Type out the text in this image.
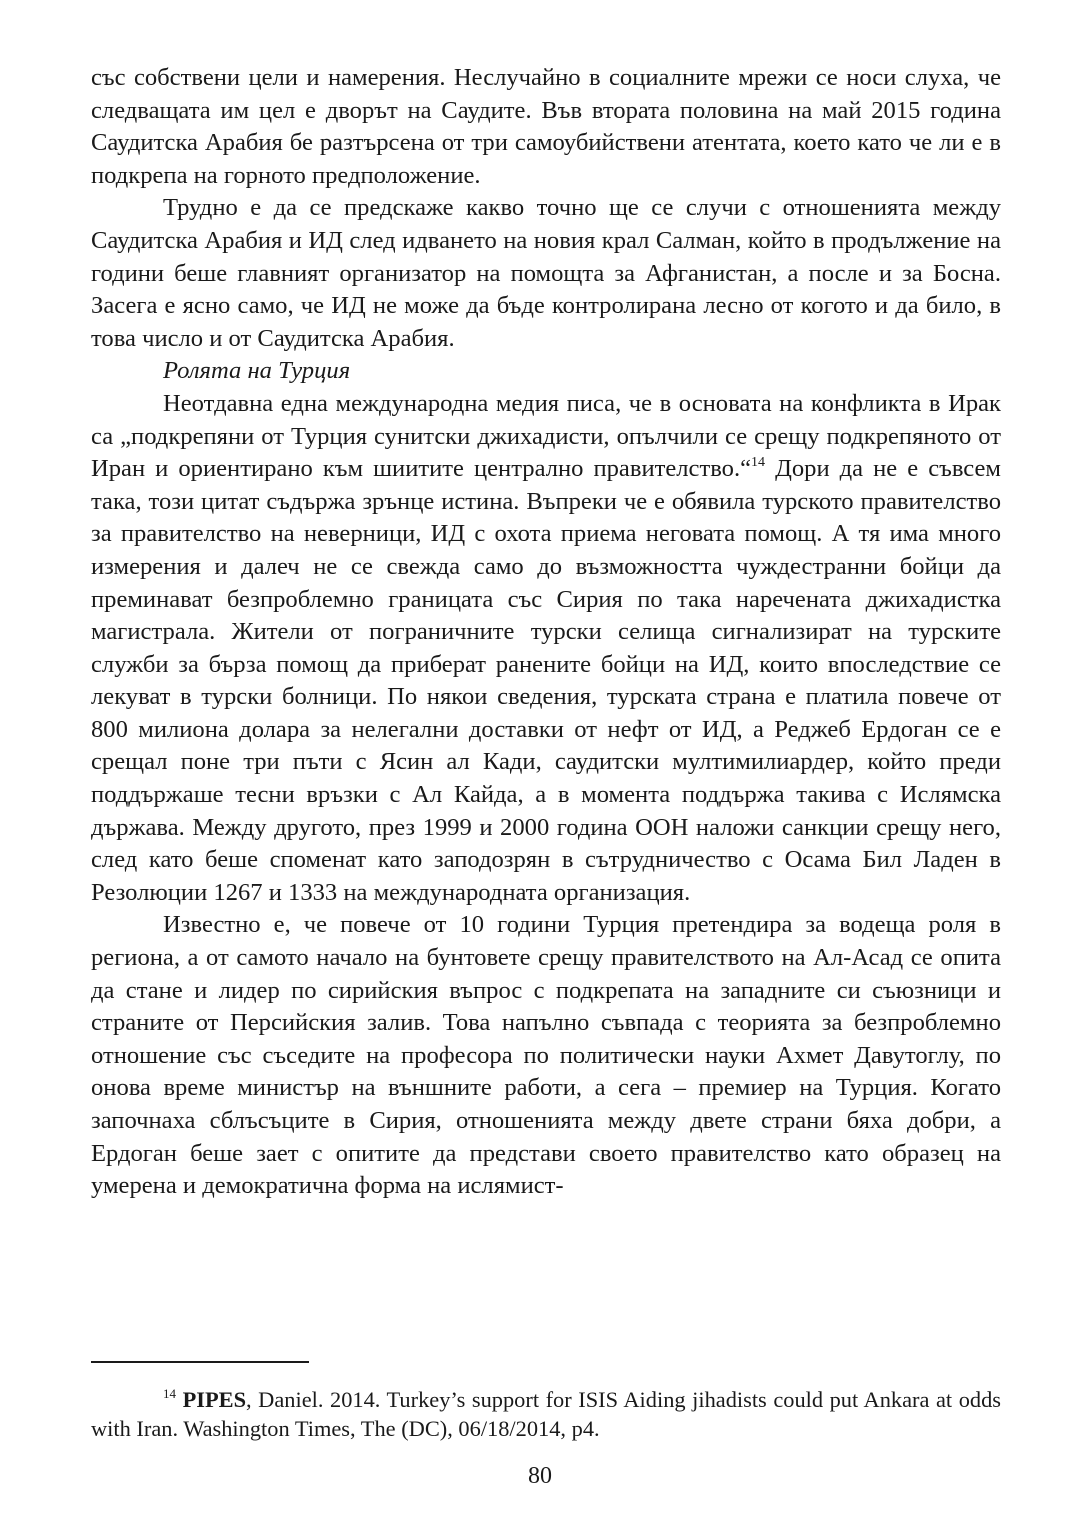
със собствени цели и намерения. Неслучайно в социалните мрежи се носи слуха, че следващата им цел е дворът на Саудите. Във втората половина на май 2015 година Саудитска Арабия бе разтърсена от три самоубийствени атентата, което като че ли е в подкрепа на горното предположение.

Трудно е да се предскаже какво точно ще се случи с отношенията между Саудитска Арабия и ИД след идването на новия крал Салман, който в продължение на години беше главният организатор на помощта за Афганистан, а после и за Босна. Засега е ясно само, че ИД не може да бъде контролирана лесно от когото и да било, в това число и от Саудитска Арабия.

Ролята на Турция

Неотдавна една международна медия писа, че в основата на конфликта в Ирак са „подкрепяни от Турция сунитски джихадисти, опълчили се срещу подкрепяното от Иран и ориентирано към шиитите централно правителство.“$^{14}$ Дори да не е съвсем така, този цитат съдържа зрънце истина. Въпреки че е обявила турското правителство за правителство на неверници, ИД с охота приема неговата помощ. А тя има много измерения и далеч не се свежда само до възможността чуждестранни бойци да преминават безпроблемно границата със Сирия по така наречената джихадистка магистрала. Жители от пограничните турски селища сигнализират на турските служби за бърза помощ да приберат ранените бойци на ИД, които впоследствие се лекуват в турски болници. По някои сведения, турската страна е платила повече от 800 милиона долара за нелегални доставки от нефт от ИД, а Реджеб Ердоган се е срещал поне три пъти с Ясин ал Кади, саудитски мултимилиардер, който преди поддържаше тесни връзки с Ал Кайда, а в момента поддържа такива с Ислямска държава. Между другото, през 1999 и 2000 година ООН наложи санкции срещу него, след като беше споменат като заподозрян в сътрудничество с Осама Бил Ладен в Резолюции 1267 и 1333 на международната организация.

Известно е, че повече от 10 години Турция претендира за водеща роля в региона, а от самото начало на бунтовете срещу правителството на Ал-Асад се опита да стане и лидер по сирийския въпрос с подкрепата на западните си съюзници и страните от Персийския залив. Това напълно съвпада с теорията за безпроблемно отношение със съседите на професора по политически науки Ахмет Давутоглу, по онова време министър на външните работи, а сега – премиер на Турция. Когато започнаха сблъсъците в Сирия, отношенията между двете страни бяха добри, а Ердоган беше зает с опитите да представи своето правителство като образец на умерена и демократична форма на ислямист-

$^{14}$ PIPES, Daniel. 2014. Turkey’s support for ISIS Aiding jihadists could put Ankara at odds with Iran. Washington Times, The (DC), 06/18/2014, p4.

80
